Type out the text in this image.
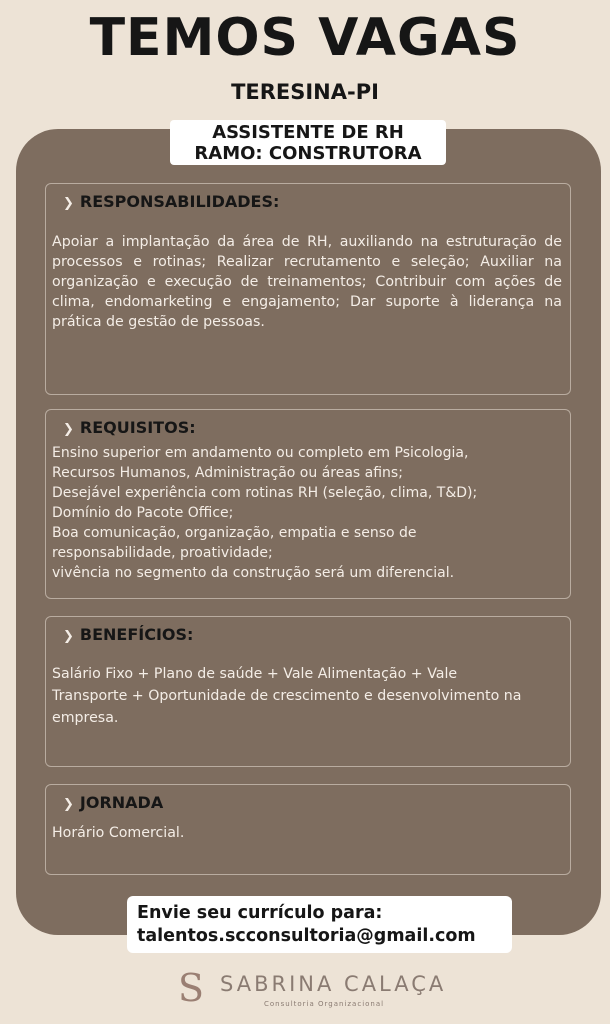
TEMOS VAGAS
TERESINA-PI
ASSISTENTE DE RH
RAMO: CONSTRUTORA
❯ RESPONSABILIDADES:
Apoiar a implantação da área de RH, auxiliando na estruturação de processos e rotinas; Realizar recrutamento e seleção; Auxiliar na organização e execução de treinamentos; Contribuir com ações de clima, endomarketing e engajamento; Dar suporte à liderança na prática de gestão de pessoas.
❯ REQUISITOS:
Ensino superior em andamento ou completo em Psicologia,
Recursos Humanos, Administração ou áreas afins;
Desejável experiência com rotinas RH (seleção, clima, T&D);
Domínio do Pacote Office;
Boa comunicação, organização, empatia e senso de
responsabilidade, proatividade;
vivência no segmento da construção será um diferencial.
❯ BENEFÍCIOS:
Salário Fixo + Plano de saúde + Vale Alimentação + Vale Transporte + Oportunidade de crescimento e desenvolvimento na empresa.
❯ JORNADA
Horário Comercial.
Envie seu currículo para:
talentos.scconsultoria@gmail.com
S SABRINA CALAÇA
Consultoria Organizacional
